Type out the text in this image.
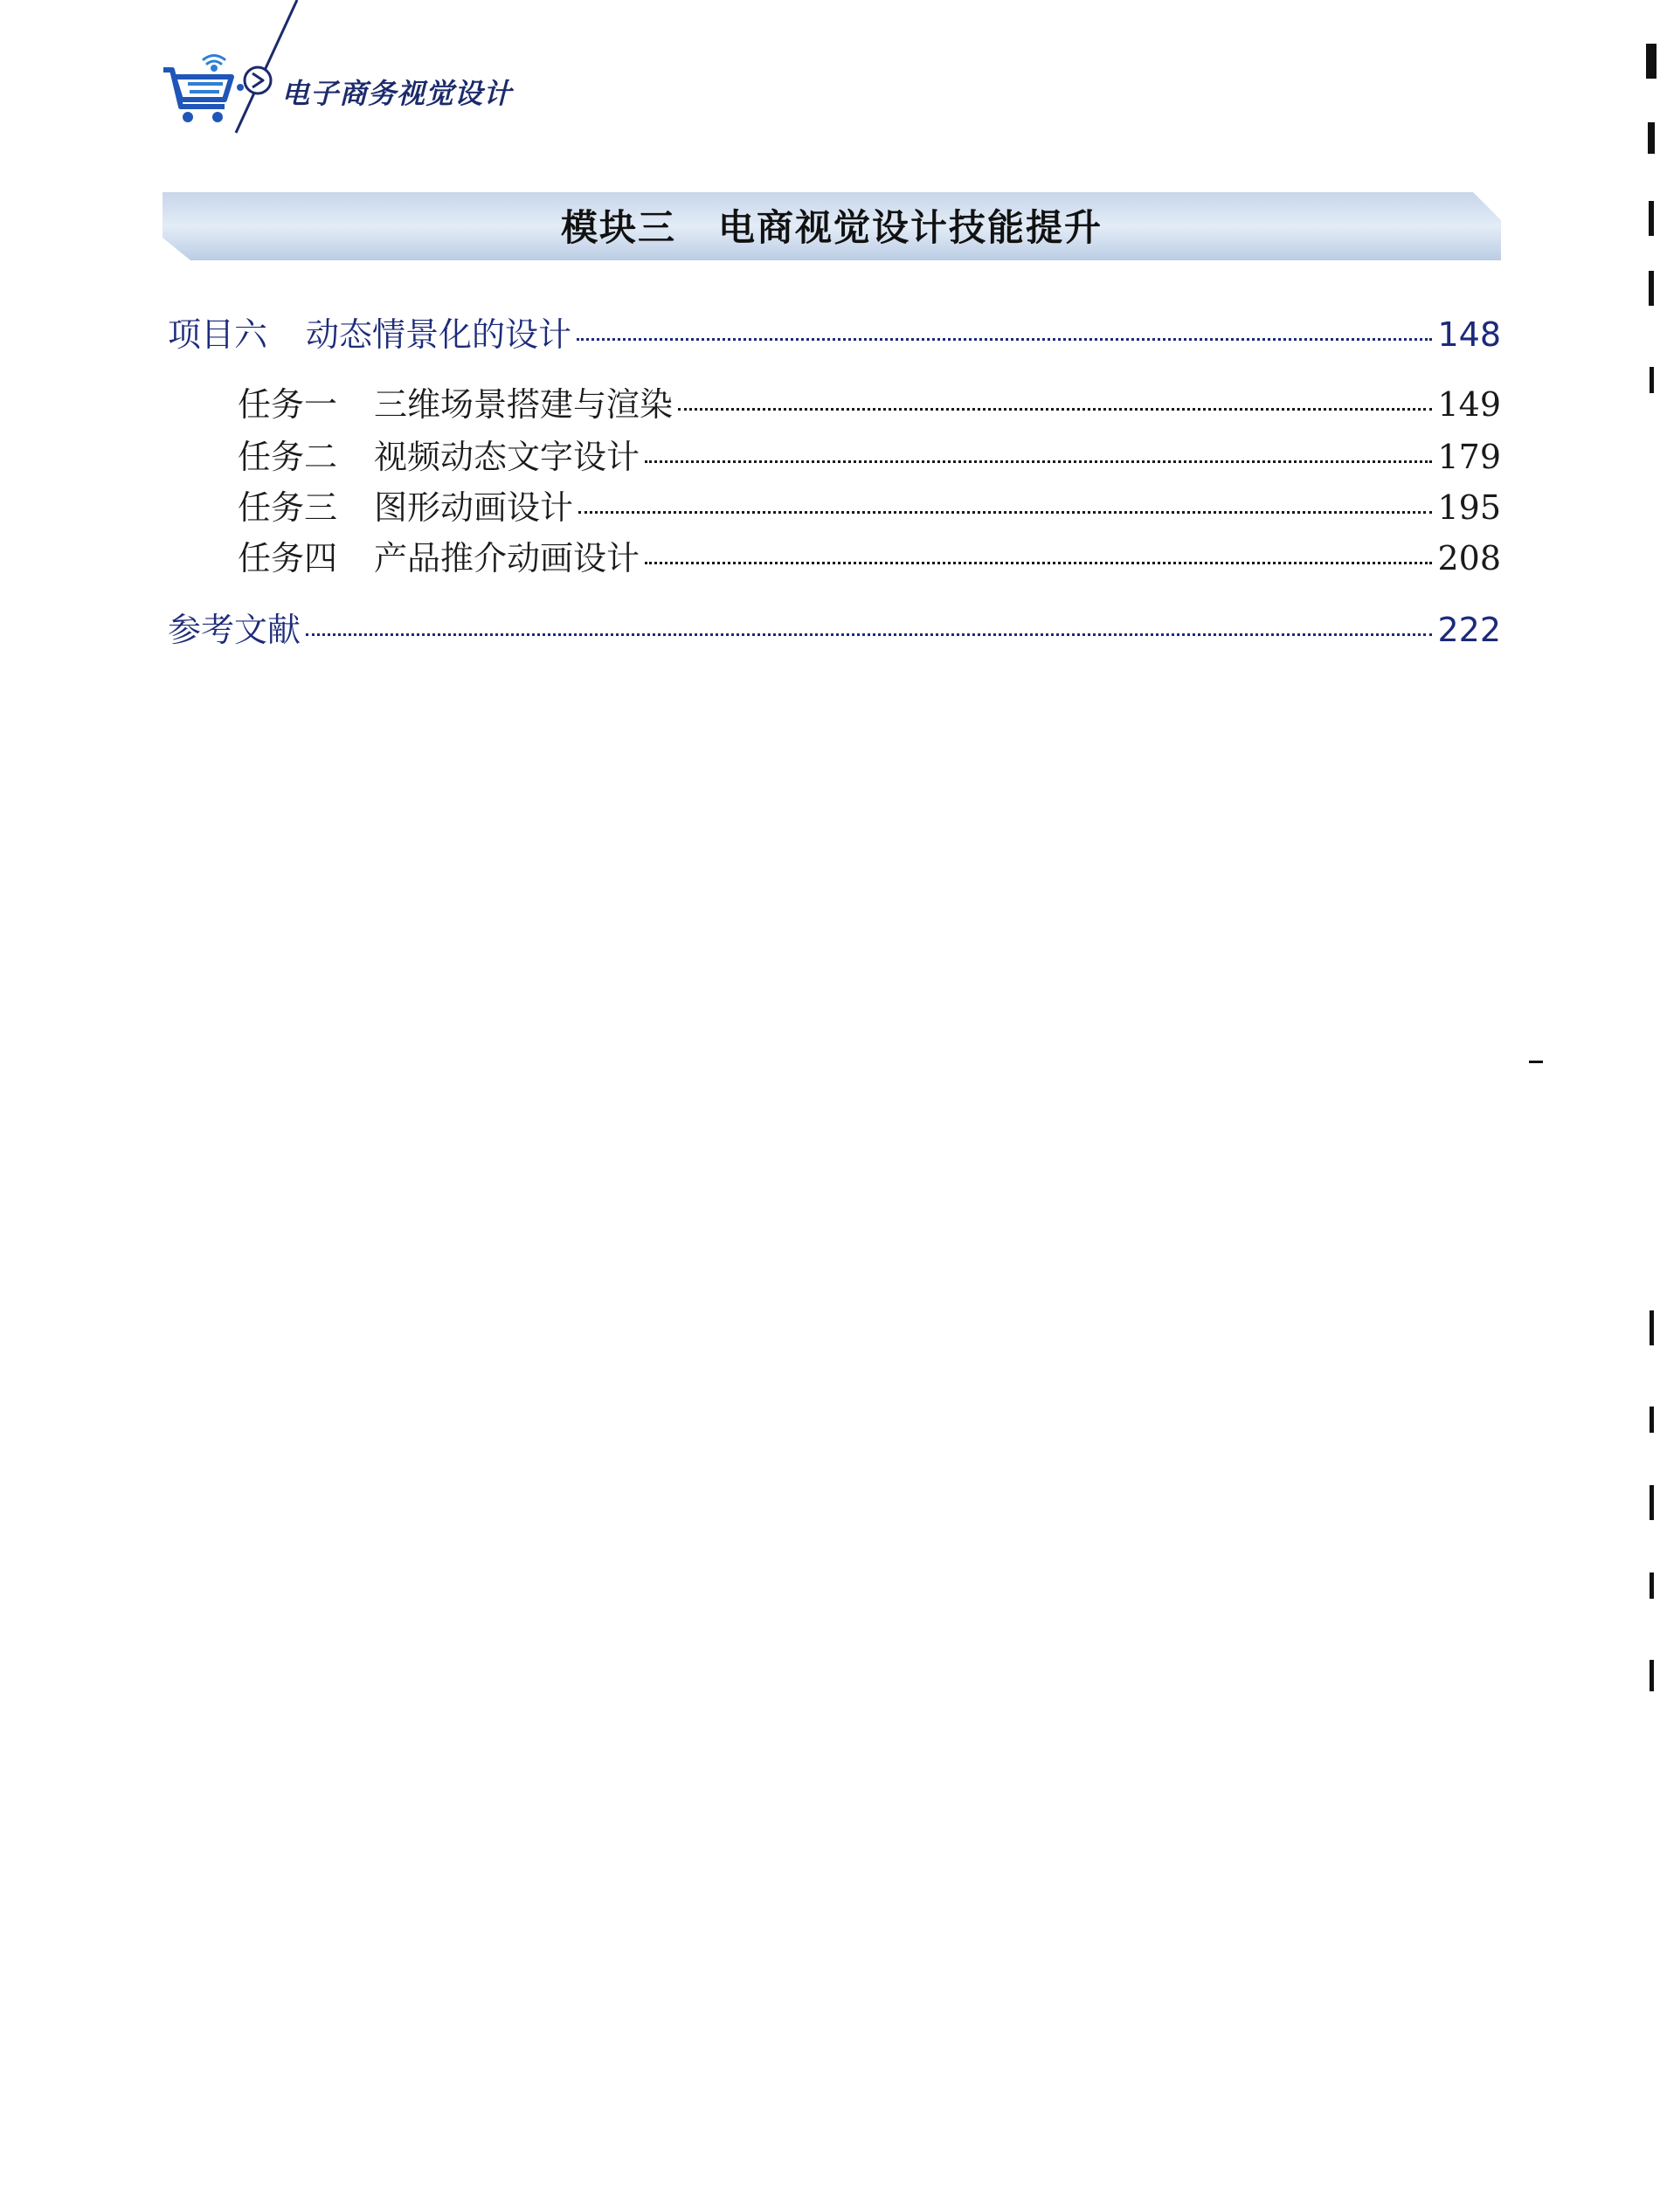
电子商务视觉设计
模块三 电商视觉设计技能提升
项目六 动态情景化的设计	148
任务一 三维场景搭建与渲染	149
任务二 视频动态文字设计	179
任务三 图形动画设计	195
任务四 产品推介动画设计	208
参考文献	222
